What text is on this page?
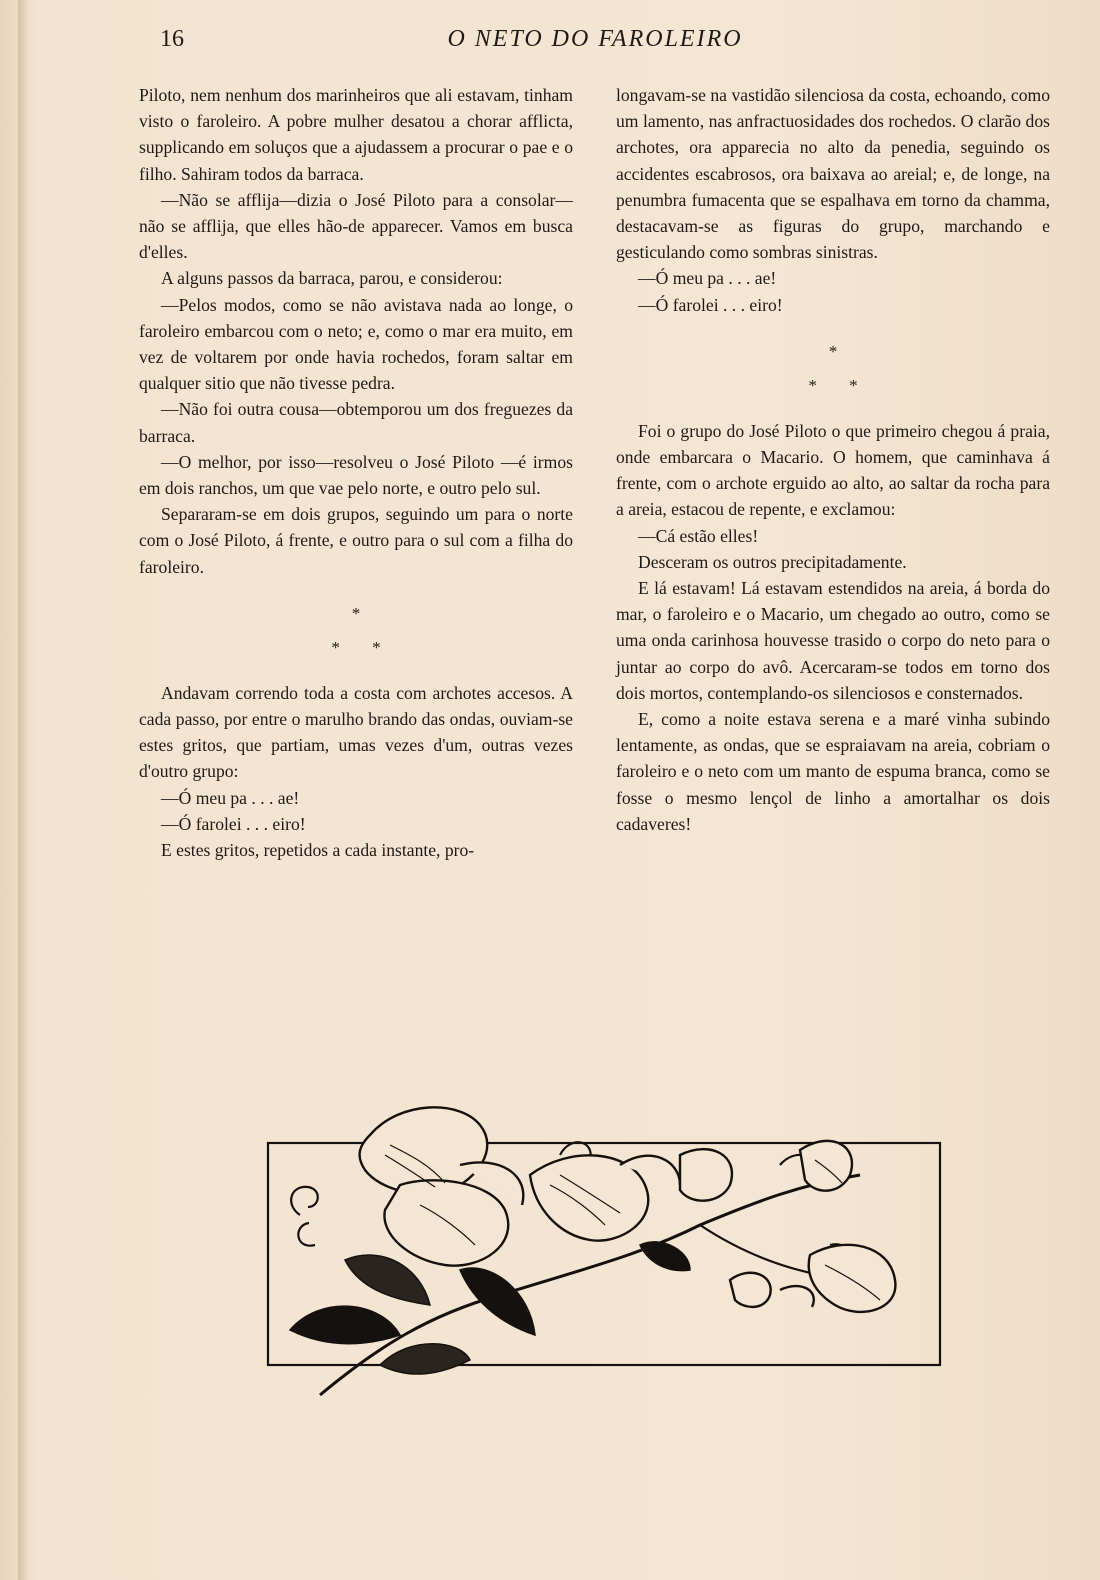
16	O NETO DO FAROLEIRO

Piloto, nem nenhum dos marinheiros que ali estavam, tinham visto o faroleiro. A pobre mulher desatou a chorar afflicta, supplicando em soluços que a ajudassem a procurar o pae e o filho. Sahiram todos da barraca.

—Não se afflija—dizia o José Piloto para a consolar—não se afflija, que elles hão-de apparecer. Vamos em busca d'elles.

A alguns passos da barraca, parou, e considerou:

—Pelos modos, como se não avistava nada ao longe, o faroleiro embarcou com o neto; e, como o mar era muito, em vez de voltarem por onde havia rochedos, foram saltar em qualquer sitio que não tivesse pedra.

—Não foi outra cousa—obtemporou um dos freguezes da barraca.

—O melhor, por isso—resolveu o José Piloto —é irmos em dois ranchos, um que vae pelo norte, e outro pelo sul.

Separaram-se em dois grupos, seguindo um para o norte com o José Piloto, á frente, e outro para o sul com a filha do faroleiro.

*
* *

Andavam correndo toda a costa com archotes accesos. A cada passo, por entre o marulho brando das ondas, ouviam-se estes gritos, que partiam, umas vezes d'um, outras vezes d'outro grupo:

—Ó meu pa . . . ae!

—Ó farolei . . . eiro!

E estes gritos, repetidos a cada instante, pro-

longavam-se na vastidão silenciosa da costa, echoando, como um lamento, nas anfractuosidades dos rochedos. O clarão dos archotes, ora apparecia no alto da penedia, seguindo os accidentes escabrosos, ora baixava ao areial; e, de longe, na penumbra fumacenta que se espalhava em torno da chamma, destacavam-se as figuras do grupo, marchando e gesticulando como sombras sinistras.

—Ó meu pa . . . ae!

—Ó farolei . . . eiro!

*
* *

Foi o grupo do José Piloto o que primeiro chegou á praia, onde embarcara o Macario. O homem, que caminhava á frente, com o archote erguido ao alto, ao saltar da rocha para a areia, estacou de repente, e exclamou:

—Cá estão elles!

Desceram os outros precipitadamente.

E lá estavam! Lá estavam estendidos na areia, á borda do mar, o faroleiro e o Macario, um chegado ao outro, como se uma onda carinhosa houvesse trasido o corpo do neto para o juntar ao corpo do avô. Acercaram-se todos em torno dos dois mortos, contemplando-os silenciosos e consternados.

E, como a noite estava serena e a maré vinha subindo lentamente, as ondas, que se espraiavam na areia, cobriam o faroleiro e o neto com um manto de espuma branca, como se fosse o mesmo lençol de linho a amortalhar os dois cadaveres!
